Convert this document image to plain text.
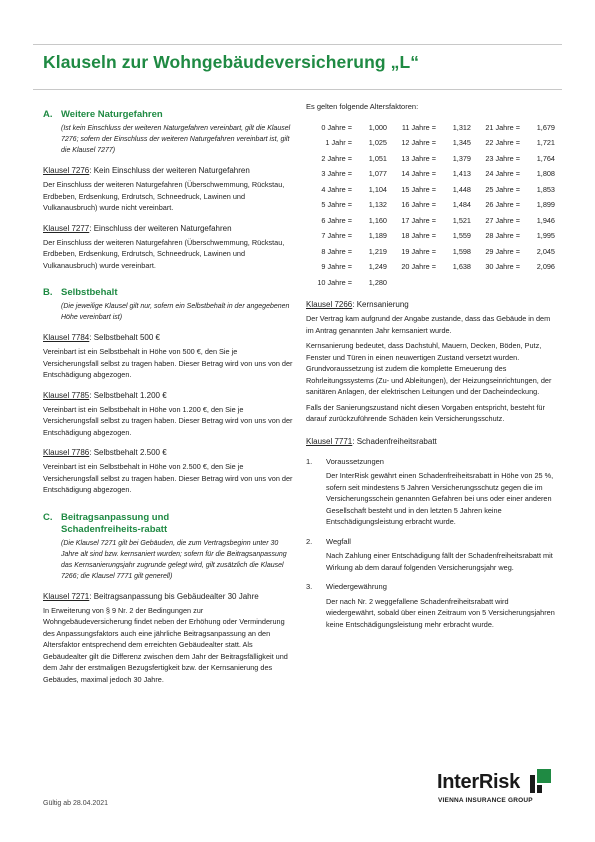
Klauseln zur Wohngebäudeversicherung „L“
A. Weitere Naturgefahren
(Ist kein Einschluss der weiteren Naturgefahren vereinbart, gilt die Klausel 7276; sofern der Einschluss der weiteren Naturgefahren vereinbart ist, gilt die Klausel 7277)
Klausel 7276: Kein Einschluss der weiteren Naturgefahren
Der Einschluss der weiteren Naturgefahren (Überschwemmung, Rückstau, Erdbeben, Erdsenkung, Erdrutsch, Schneedruck, Lawinen und Vulkanausbruch) wurde nicht vereinbart.
Klausel 7277: Einschluss der weiteren Naturgefahren
Der Einschluss der weiteren Naturgefahren (Überschwemmung, Rückstau, Erdbeben, Erdsenkung, Erdrutsch, Schneedruck, Lawinen und Vulkanausbruch) wurde vereinbart.
B. Selbstbehalt
(Die jeweilige Klausel gilt nur, sofern ein Selbstbehalt in der angegebenen Höhe vereinbart ist)
Klausel 7784: Selbstbehalt 500 €
Vereinbart ist ein Selbstbehalt in Höhe von 500 €, den Sie je Versicherungsfall selbst zu tragen haben. Dieser Betrag wird von uns von der Entschädigung abgezogen.
Klausel 7785: Selbstbehalt 1.200 €
Vereinbart ist ein Selbstbehalt in Höhe von 1.200 €, den Sie je Versicherungsfall selbst zu tragen haben. Dieser Betrag wird von uns von der Entschädigung abgezogen.
Klausel 7786: Selbstbehalt 2.500 €
Vereinbart ist ein Selbstbehalt in Höhe von 2.500 €, den Sie je Versicherungsfall selbst zu tragen haben. Dieser Betrag wird von uns von der Entschädigung abgezogen.
C. Beitragsanpassung und Schadenfreiheits-rabatt
(Die Klausel 7271 gilt bei Gebäuden, die zum Vertragsbeginn unter 30 Jahre alt sind bzw. kernsaniert wurden; sofern für die Beitragsanpassung das Kernsanierungsjahr zugrunde gelegt wird, gilt zusätzlich die Klausel 7266; die Klausel 7771 gilt generell)
Klausel 7271: Beitragsanpassung bis Gebäudealter 30 Jahre
In Erweiterung von § 9 Nr. 2 der Bedingungen zur Wohngebäudeversicherung findet neben der Erhöhung oder Verminderung des Anpassungsfaktors auch eine jährliche Beitragsanpassung an den Altersfaktor entsprechend dem erreichten Gebäudealter statt. Als Gebäudealter gilt die Differenz zwischen dem Jahr der Beitragsfälligkeit und dem Jahr der erstmaligen Bezugsfertigkeit bzw. der Kernsanierung des Gebäudes, maximal jedoch 30 Jahre.
Es gelten folgende Altersfaktoren:
0 Jahre =	1,000	11 Jahre =	1,312	21 Jahre =	1,679
1 Jahr =	1,025	12 Jahre =	1,345	22 Jahre =	1,721
2 Jahre =	1,051	13 Jahre =	1,379	23 Jahre =	1,764
3 Jahre =	1,077	14 Jahre =	1,413	24 Jahre =	1,808
4 Jahre =	1,104	15 Jahre =	1,448	25 Jahre =	1,853
5 Jahre =	1,132	16 Jahre =	1,484	26 Jahre =	1,899
6 Jahre =	1,160	17 Jahre =	1,521	27 Jahre =	1,946
7 Jahre =	1,189	18 Jahre =	1,559	28 Jahre =	1,995
8 Jahre =	1,219	19 Jahre =	1,598	29 Jahre =	2,045
9 Jahre =	1,249	20 Jahre =	1,638	30 Jahre =	2,096
10 Jahre =	1,280
Klausel 7266: Kernsanierung
Der Vertrag kam aufgrund der Angabe zustande, dass das Gebäude in dem im Antrag genannten Jahr kernsaniert wurde.
Kernsanierung bedeutet, dass Dachstuhl, Mauern, Decken, Böden, Putz, Fenster und Türen in einen neuwertigen Zustand versetzt wurden. Grundvoraussetzung ist zudem die komplette Erneuerung des Rohrleitungssystems (Zu- und Ableitungen), der Heizungseinrichtungen, der sanitären Anlagen, der elektrischen Leitungen und der Dacheindeckung.
Falls der Sanierungszustand nicht diesen Vorgaben entspricht, besteht für darauf zurückzuführende Schäden kein Versicherungsschutz.
Klausel 7771: Schadenfreiheitsrabatt
1.	Voraussetzungen
Der InterRisk gewährt einen Schadenfreiheitsrabatt in Höhe von 25 %, sofern seit mindestens 5 Jahren Versicherungsschutz gegen die im Versicherungsschein genannten Gefahren bei uns oder einer anderen Gesellschaft besteht und in den letzten 5 Jahren keine Entschädigungsleistung erbracht wurde.
2.	Wegfall
Nach Zahlung einer Entschädigung fällt der Schadenfreiheitsrabatt mit Wirkung ab dem darauf folgenden Versicherungsjahr weg.
3.	Wiedergewährung
Der nach Nr. 2 weggefallene Schadenfreiheitsrabatt wird wiedergewährt, sobald über einen Zeitraum von 5 Versicherungsjahren keine Entschädigungsleistung mehr erbracht wurde.
Gültig ab 28.04.2021
InterRisk
VIENNA INSURANCE GROUP
